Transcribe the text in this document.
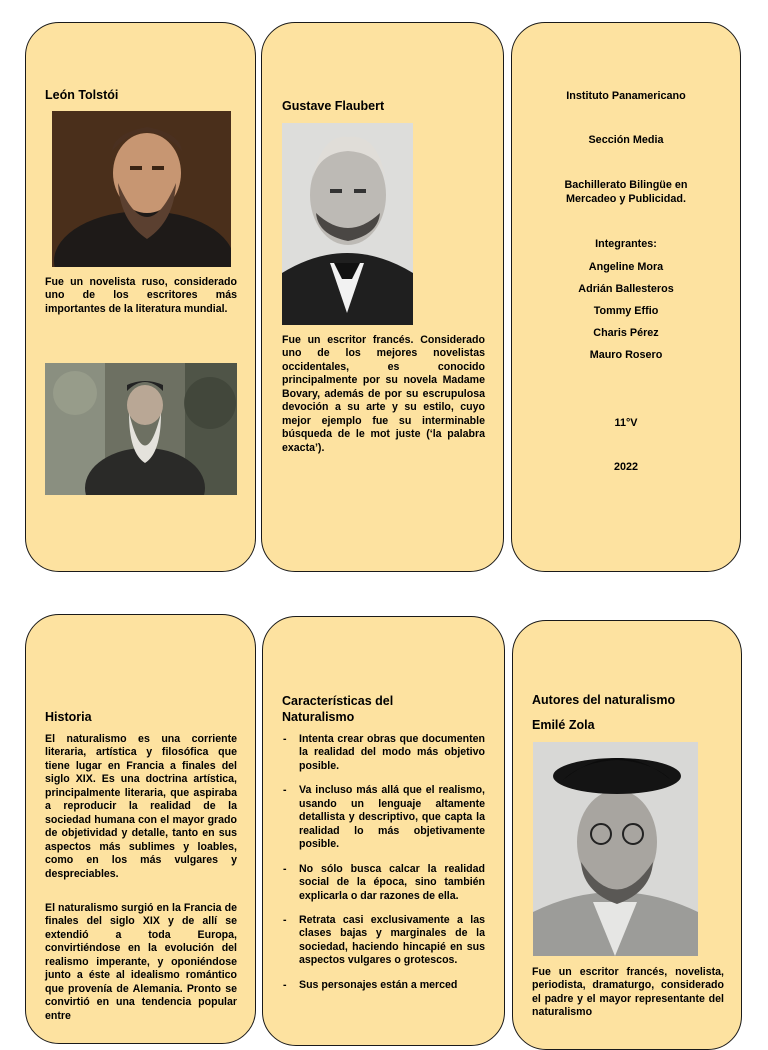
León Tolstói

Fue un novelista ruso, considerado uno de los escritores más importantes de la literatura mundial.

Gustave Flaubert

Fue un escritor francés. Considerado uno de los mejores novelistas occidentales, es conocido principalmente por su novela Madame Bovary, además de por su escrupulosa devoción a su arte y su estilo, cuyo mejor ejemplo fue su interminable búsqueda de le mot juste (‘la palabra exacta’).

Instituto Panamericano
Sección Media
Bachillerato Bilingüe en
Mercadeo y Publicidad.
Integrantes:
Angeline Mora
Adrián Ballesteros
Tommy Effio
Charis Pérez
Mauro Rosero
11°V
2022
Historia

El naturalismo es una corriente literaria, artística y filosófica que tiene lugar en Francia a finales del siglo XIX. Es una doctrina artística, principalmente literaria, que aspiraba a reproducir la realidad de la sociedad humana con el mayor grado de objetividad y detalle, tanto en sus aspectos más sublimes y loables, como en los más vulgares y despreciables.

El naturalismo surgió en la Francia de finales del siglo XIX y de allí se extendió a toda Europa, convirtiéndose en la evolución del realismo imperante, y oponiéndose junto a éste al idealismo romántico que provenía de Alemania. Pronto se convirtió en una tendencia popular entre

Características del
Naturalismo
- Intenta crear obras que documenten la realidad del modo más objetivo posible.
- Va incluso más allá que el realismo, usando un lenguaje altamente detallista y descriptivo, que capta la realidad lo más objetivamente posible.
- No sólo busca calcar la realidad social de la época, sino también explicarla o dar razones de ella.
- Retrata casi exclusivamente a las clases bajas y marginales de la sociedad, haciendo hincapié en sus aspectos vulgares o grotescos.
- Sus personajes están a merced
Autores del naturalismo
Emilé Zola

Fue un escritor francés, novelista, periodista, dramaturgo, considerado el padre y el mayor representante del naturalismo
